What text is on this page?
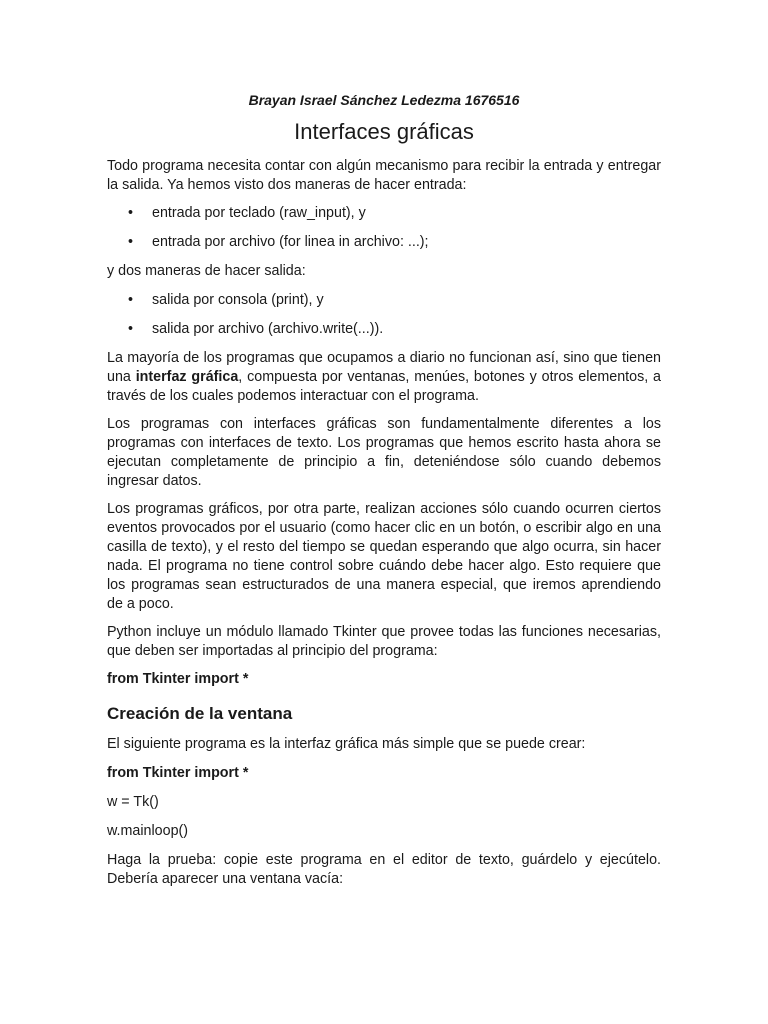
Brayan Israel Sánchez Ledezma 1676516
Interfaces gráficas

Todo programa necesita contar con algún mecanismo para recibir la entrada y entregar la salida. Ya hemos visto dos maneras de hacer entrada:

• entrada por teclado (raw_input), y
• entrada por archivo (for linea in archivo: ...);

y dos maneras de hacer salida:

• salida por consola (print), y
• salida por archivo (archivo.write(...)).

La mayoría de los programas que ocupamos a diario no funcionan así, sino que tienen una interfaz gráfica, compuesta por ventanas, menúes, botones y otros elementos, a través de los cuales podemos interactuar con el programa.

Los programas con interfaces gráficas son fundamentalmente diferentes a los programas con interfaces de texto. Los programas que hemos escrito hasta ahora se ejecutan completamente de principio a fin, deteniéndose sólo cuando debemos ingresar datos.

Los programas gráficos, por otra parte, realizan acciones sólo cuando ocurren ciertos eventos provocados por el usuario (como hacer clic en un botón, o escribir algo en una casilla de texto), y el resto del tiempo se quedan esperando que algo ocurra, sin hacer nada. El programa no tiene control sobre cuándo debe hacer algo. Esto requiere que los programas sean estructurados de una manera especial, que iremos aprendiendo de a poco.

Python incluye un módulo llamado Tkinter que provee todas las funciones necesarias, que deben ser importadas al principio del programa:

from Tkinter import *

Creación de la ventana

El siguiente programa es la interfaz gráfica más simple que se puede crear:

from Tkinter import *

w = Tk()

w.mainloop()

Haga la prueba: copie este programa en el editor de texto, guárdelo y ejecútelo. Debería aparecer una ventana vacía:
